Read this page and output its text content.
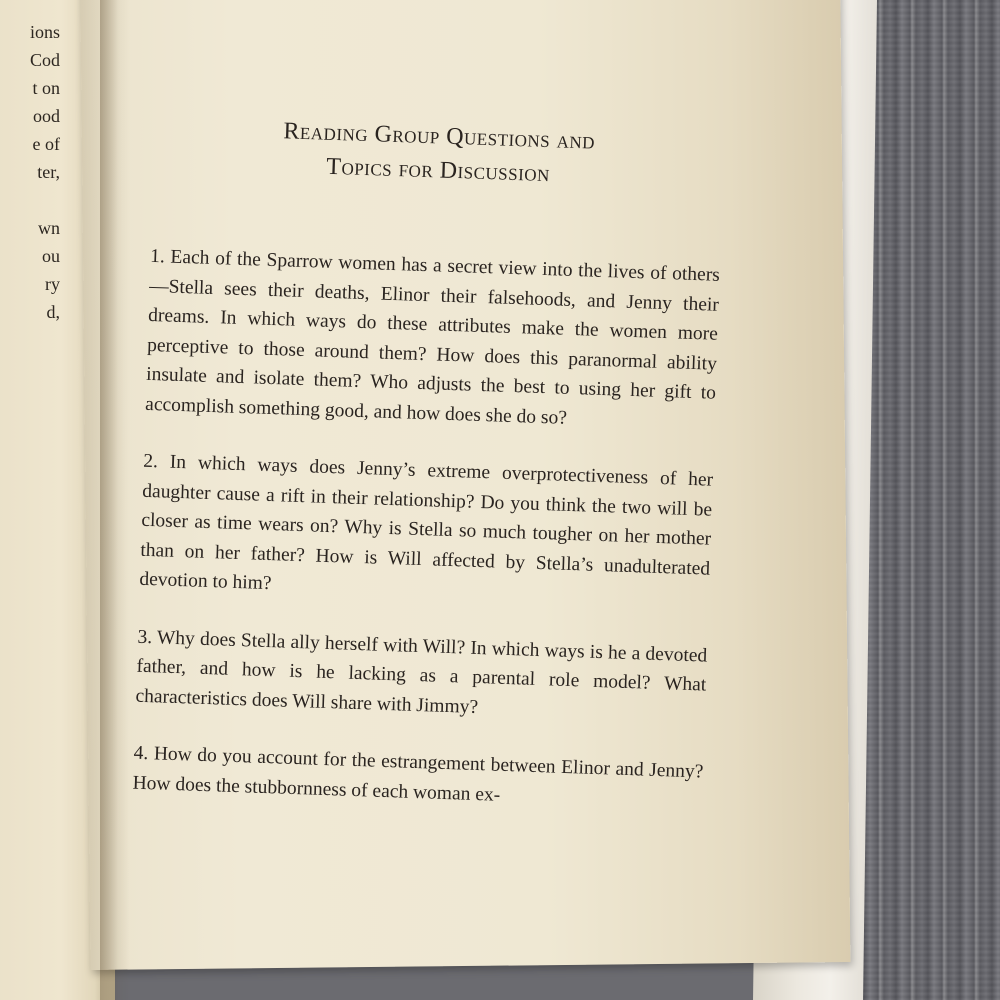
ions
Cod
t on
ood
e of
ter,
wn
ou
ry
d,
Reading Group Questions and
Topics for Discussion

1. Each of the Sparrow women has a secret view into the lives of others—Stella sees their deaths, Elinor their falsehoods, and Jenny their dreams. In which ways do these attributes make the women more perceptive to those around them? How does this paranormal ability insulate and isolate them? Who adjusts the best to using her gift to accomplish something good, and how does she do so?

2. In which ways does Jenny’s extreme overprotectiveness of her daughter cause a rift in their relationship? Do you think the two will be closer as time wears on? Why is Stella so much tougher on her mother than on her father? How is Will affected by Stella’s unadulterated devotion to him?

3. Why does Stella ally herself with Will? In which ways is he a devoted father, and how is he lacking as a parental role model? What characteristics does Will share with Jimmy?

4. How do you account for the estrangement between Elinor and Jenny? How does the stubbornness of each woman ex-
